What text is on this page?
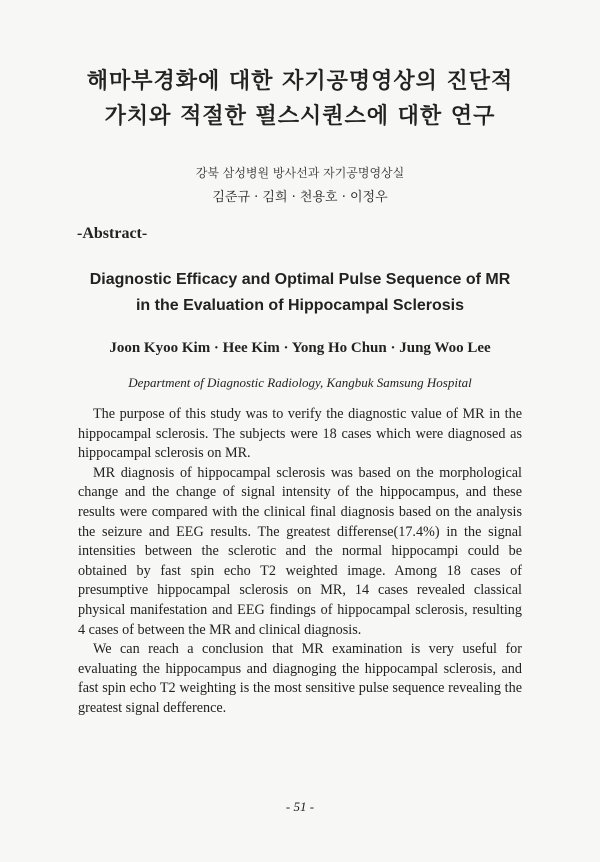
해마부경화에 대한 자기공명영상의 진단적
가치와 적절한 펄스시퀀스에 대한 연구
강북 삼성병원 방사선과 자기공명영상실
김준규 · 김희 · 천용호 · 이정우
-Abstract-
Diagnostic Efficacy and Optimal Pulse Sequence of MR
in the Evaluation of Hippocampal Sclerosis
Joon Kyoo Kim · Hee Kim · Yong Ho Chun · Jung Woo Lee
Department of Diagnostic Radiology, Kangbuk Samsung Hospital

The purpose of this study was to verify the diagnostic value of MR in the hippocampal sclerosis. The subjects were 18 cases which were diagnosed as hippocampal sclerosis on MR.

MR diagnosis of hippocampal sclerosis was based on the morphological change and the change of signal intensity of the hippocampus, and these results were compared with the clinical final diagnosis based on the analysis the seizure and EEG results. The greatest differense(17.4%) in the signal intensities between the sclerotic and the normal hippocampi could be obtained by fast spin echo T2 weighted image. Among 18 cases of presumptive hippocampal sclerosis on MR, 14 cases revealed classical physical manifestation and EEG findings of hippocampal sclerosis, resulting 4 cases of between the MR and clinical diagnosis.

We can reach a conclusion that MR examination is very useful for evaluating the hippocampus and diagnoging the hippocampal sclerosis, and fast spin echo T2 weighting is the most sensitive pulse sequence revealing the greatest signal defference.

- 51 -
